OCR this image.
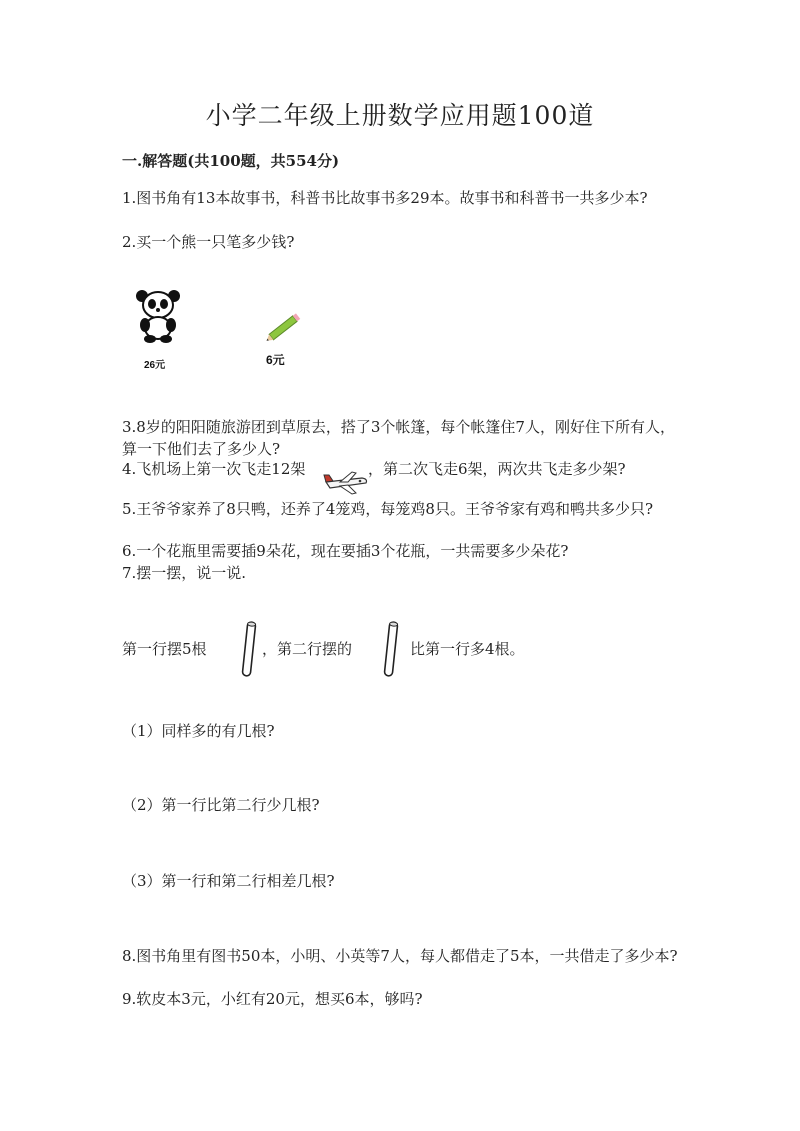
小学二年级上册数学应用题100道
一.解答题(共100题，共554分)
1.图书角有13本故事书，科普书比故事书多29本。故事书和科普书一共多少本?
2.买一个熊一只笔多少钱?
26元	6元
3.8岁的阳阳随旅游团到草原去，搭了3个帐篷，每个帐篷住7人，刚好住下所有人，算一下他们去了多少人?
4.飞机场上第一次飞走12架	，第二次飞走6架，两次共飞走多少架?
5.王爷爷家养了8只鸭，还养了4笼鸡，每笼鸡8只。王爷爷家有鸡和鸭共多少只?
6.一个花瓶里需要插9朵花，现在要插3个花瓶，一共需要多少朵花?
7.摆一摆，说一说.
第一行摆5根	，第二行摆的	比第一行多4根。
（1）同样多的有几根?
（2）第一行比第二行少几根?
（3）第一行和第二行相差几根?
8.图书角里有图书50本，小明、小英等7人，每人都借走了5本，一共借走了多少本?
9.软皮本3元，小红有20元，想买6本，够吗?
